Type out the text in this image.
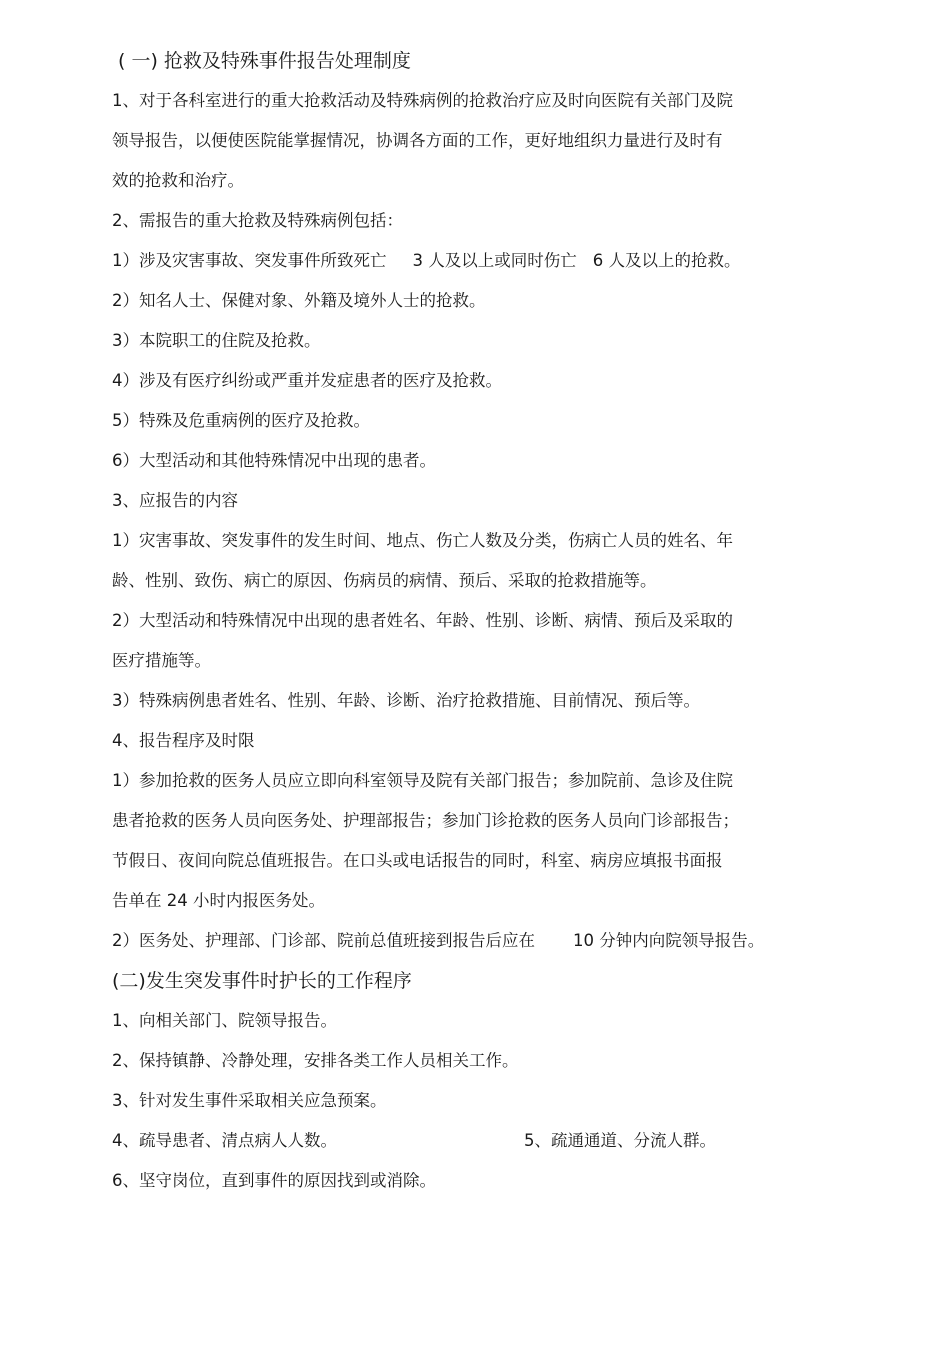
( 一) 抢救及特殊事件报告处理制度
1、对于各科室进行的重大抢救活动及特殊病例的抢救治疗应及时向医院有关部门及院
领导报告，以便使医院能掌握情况，协调各方面的工作，更好地组织力量进行及时有
效的抢救和治疗。
2、需报告的重大抢救及特殊病例包括：
1）涉及灾害事故、突发事件所致死亡 3 人及以上或同时伤亡 6 人及以上的抢救。
2）知名人士、保健对象、外籍及境外人士的抢救。
3）本院职工的住院及抢救。
4）涉及有医疗纠纷或严重并发症患者的医疗及抢救。
5）特殊及危重病例的医疗及抢救。
6）大型活动和其他特殊情况中出现的患者。
3、应报告的内容
1）灾害事故、突发事件的发生时间、地点、伤亡人数及分类，伤病亡人员的姓名、年
龄、性别、致伤、病亡的原因、伤病员的病情、预后、采取的抢救措施等。
2）大型活动和特殊情况中出现的患者姓名、年龄、性别、诊断、病情、预后及采取的
医疗措施等。
3）特殊病例患者姓名、性别、年龄、诊断、治疗抢救措施、目前情况、预后等。
4、报告程序及时限
1）参加抢救的医务人员应立即向科室领导及院有关部门报告；参加院前、急诊及住院
患者抢救的医务人员向医务处、护理部报告；参加门诊抢救的医务人员向门诊部报告；
节假日、夜间向院总值班报告。在口头或电话报告的同时，科室、病房应填报书面报
告单在 24 小时内报医务处。
2）医务处、护理部、门诊部、院前总值班接到报告后应在 10 分钟内向院领导报告。
(二)发生突发事件时护长的工作程序
1、向相关部门、院领导报告。
2、保持镇静、冷静处理，安排各类工作人员相关工作。
3、针对发生事件采取相关应急预案。
4、疏导患者、清点病人人数。	5、疏通通道、分流人群。
6、坚守岗位，直到事件的原因找到或消除。
